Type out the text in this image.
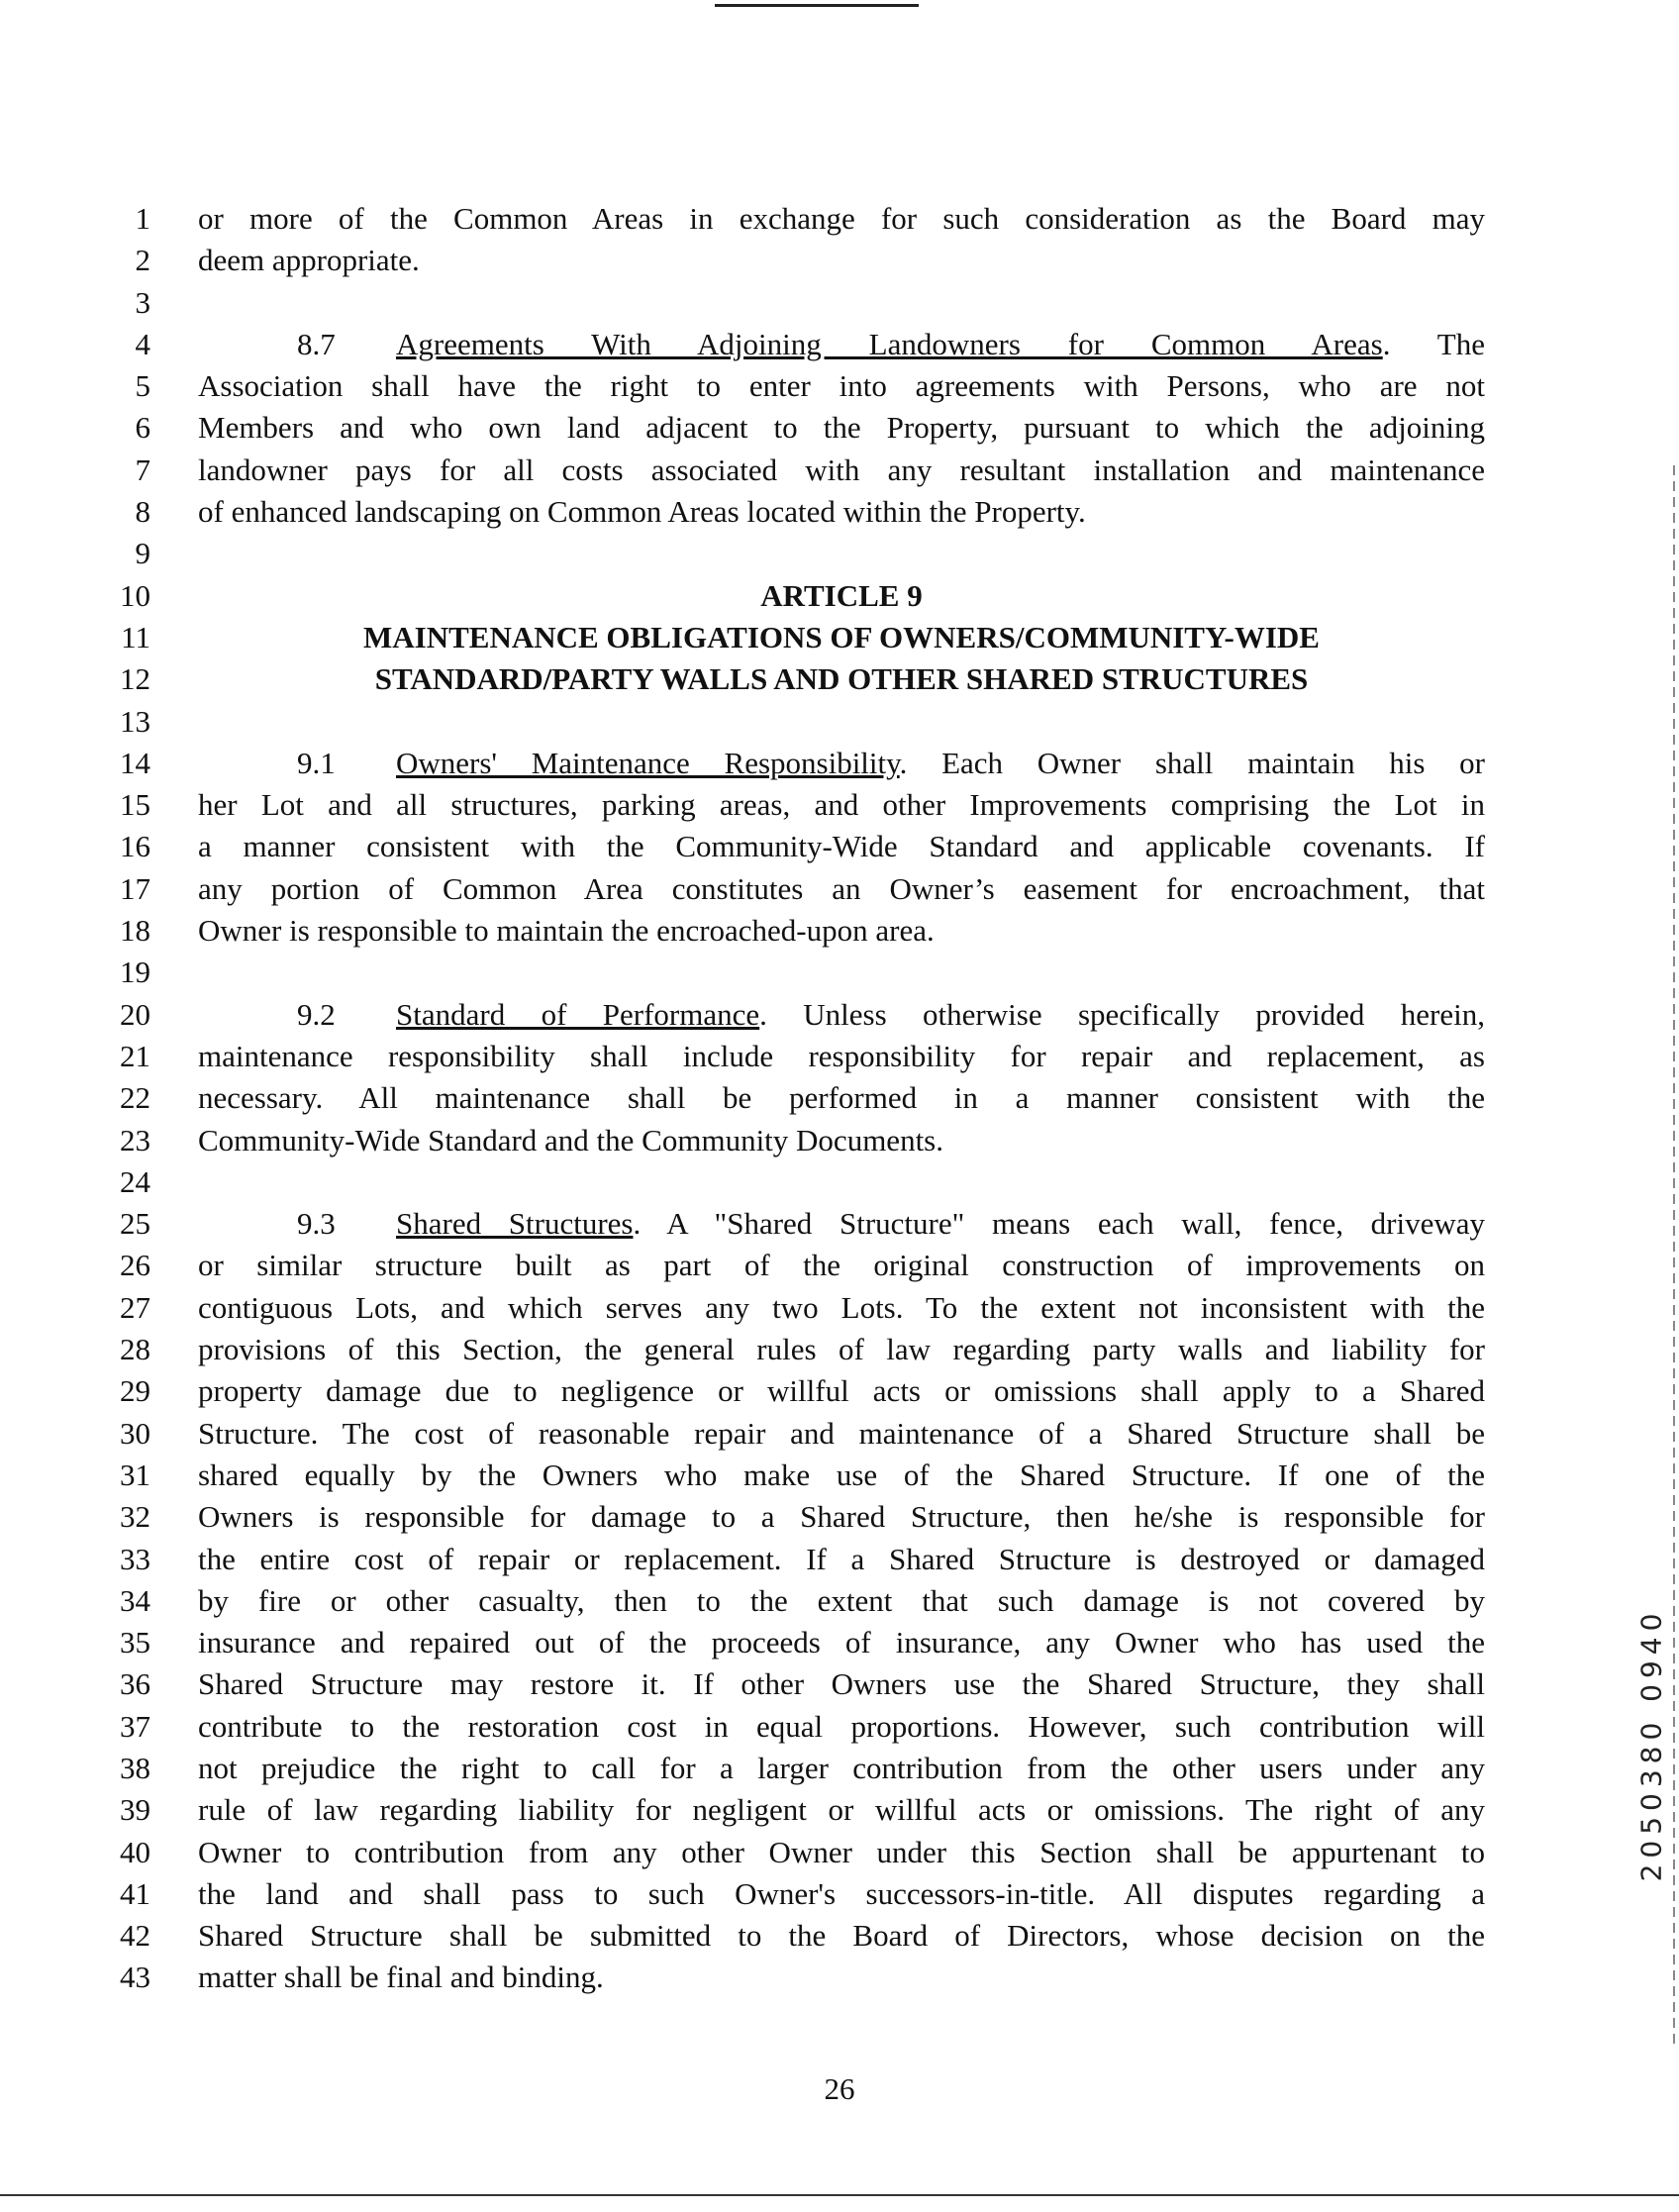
1 or more of the Common Areas in exchange for such consideration as the Board may
2 deem appropriate.
3
4	8.7 Agreements With Adjoining Landowners for Common Areas. The
5 Association shall have the right to enter into agreements with Persons, who are not
6 Members and who own land adjacent to the Property, pursuant to which the adjoining
7 landowner pays for all costs associated with any resultant installation and maintenance
8 of enhanced landscaping on Common Areas located within the Property.
9
10	ARTICLE 9
11	MAINTENANCE OBLIGATIONS OF OWNERS/COMMUNITY-WIDE
12	STANDARD/PARTY WALLS AND OTHER SHARED STRUCTURES
13
14	9.1 Owners' Maintenance Responsibility. Each Owner shall maintain his or
15 her Lot and all structures, parking areas, and other Improvements comprising the Lot in
16 a manner consistent with the Community-Wide Standard and applicable covenants. If
17 any portion of Common Area constitutes an Owner’s easement for encroachment, that
18 Owner is responsible to maintain the encroached-upon area.
19
20	9.2 Standard of Performance. Unless otherwise specifically provided herein,
21 maintenance responsibility shall include responsibility for repair and replacement, as
22 necessary. All maintenance shall be performed in a manner consistent with the
23 Community-Wide Standard and the Community Documents.
24
25	9.3 Shared Structures. A "Shared Structure" means each wall, fence, driveway
26 or similar structure built as part of the original construction of improvements on
27 contiguous Lots, and which serves any two Lots. To the extent not inconsistent with the
28 provisions of this Section, the general rules of law regarding party walls and liability for
29 property damage due to negligence or willful acts or omissions shall apply to a Shared
30 Structure. The cost of reasonable repair and maintenance of a Shared Structure shall be
31 shared equally by the Owners who make use of the Shared Structure. If one of the
32 Owners is responsible for damage to a Shared Structure, then he/she is responsible for
33 the entire cost of repair or replacement. If a Shared Structure is destroyed or damaged
34 by fire or other casualty, then to the extent that such damage is not covered by
35 insurance and repaired out of the proceeds of insurance, any Owner who has used the
36 Shared Structure may restore it. If other Owners use the Shared Structure, they shall
37 contribute to the restoration cost in equal proportions. However, such contribution will
38 not prejudice the right to call for a larger contribution from the other users under any
39 rule of law regarding liability for negligent or willful acts or omissions. The right of any
40 Owner to contribution from any other Owner under this Section shall be appurtenant to
41 the land and shall pass to such Owner's successors-in-title. All disputes regarding a
42 Shared Structure shall be submitted to the Board of Directors, whose decision on the
43 matter shall be final and binding.
26
2050380 0940
